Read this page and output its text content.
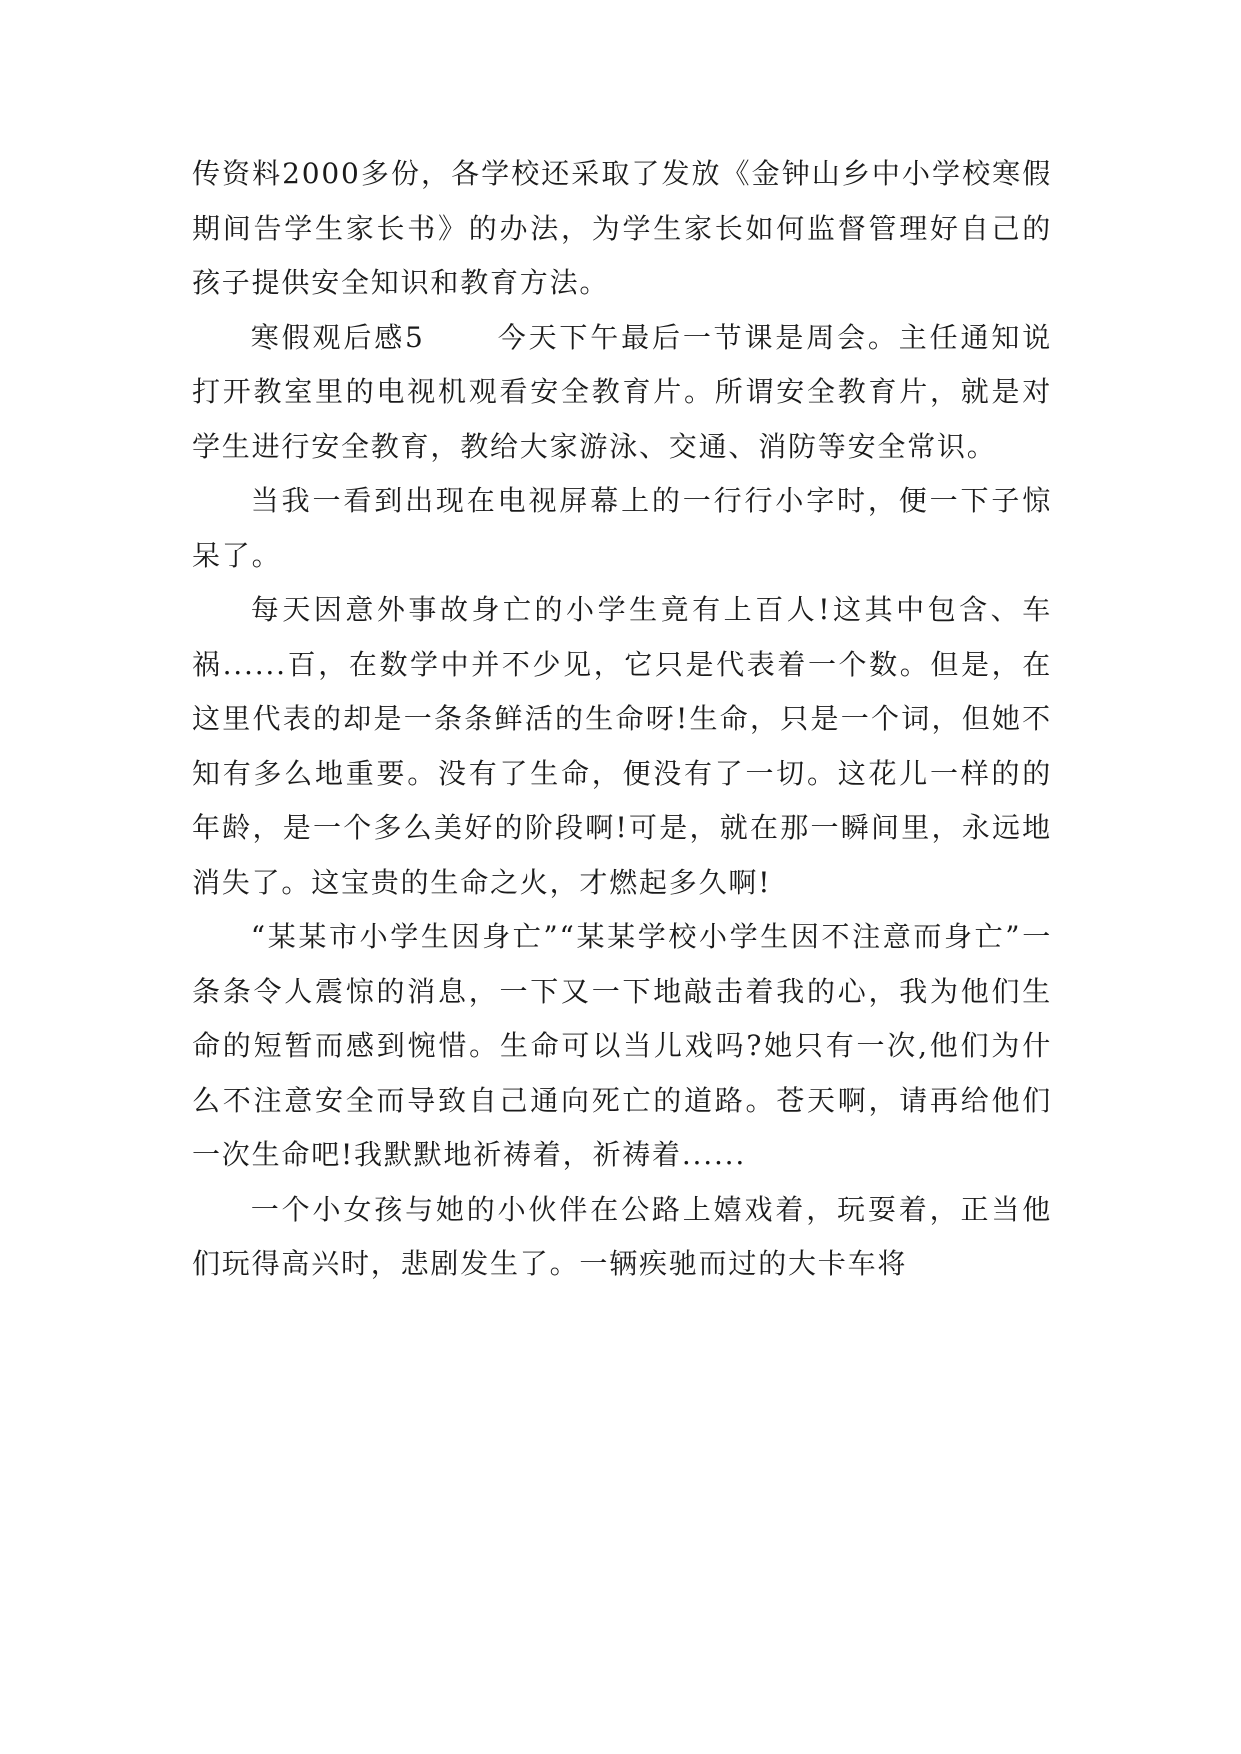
传资料2000多份，各学校还采取了发放《金钟山乡中小学校寒假期间告学生家长书》的办法，为学生家长如何监督管理好自己的孩子提供安全知识和教育方法。

寒假观后感5	今天下午最后一节课是周会。主任通知说打开教室里的电视机观看安全教育片。所谓安全教育片，就是对学生进行安全教育，教给大家游泳、交通、消防等安全常识。

当我一看到出现在电视屏幕上的一行行小字时，便一下子惊呆了。

每天因意外事故身亡的小学生竟有上百人!这其中包含、车祸......百，在数学中并不少见，它只是代表着一个数。但是，在这里代表的却是一条条鲜活的生命呀!生命，只是一个词，但她不知有多么地重要。没有了生命，便没有了一切。这花儿一样的的年龄，是一个多么美好的阶段啊!可是，就在那一瞬间里，永远地消失了。这宝贵的生命之火，才燃起多久啊!

“某某市小学生因身亡”“某某学校小学生因不注意而身亡”一条条令人震惊的消息，一下又一下地敲击着我的心，我为他们生命的短暂而感到惋惜。生命可以当儿戏吗?她只有一次,他们为什么不注意安全而导致自己通向死亡的道路。苍天啊，请再给他们一次生命吧!我默默地祈祷着，祈祷着......

一个小女孩与她的小伙伴在公路上嬉戏着，玩耍着，正当他们玩得高兴时，悲剧发生了。一辆疾驰而过的大卡车将
